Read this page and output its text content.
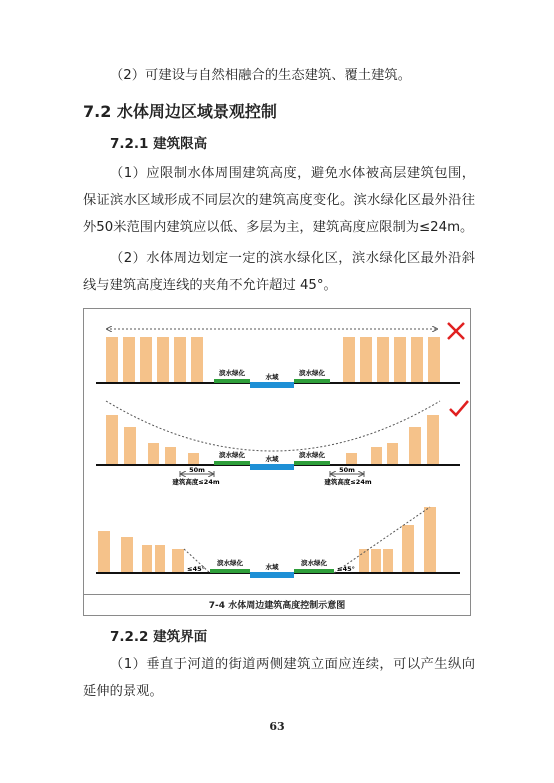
（2）可建设与自然相融合的生态建筑、覆土建筑。
7.2 水体周边区域景观控制
7.2.1 建筑限高
（1）应限制水体周围建筑高度，避免水体被高层建筑包围，保证滨水区域形成不同层次的建筑高度变化。滨水绿化区最外沿往外50米范围内建筑应以低、多层为主，建筑高度应限制为≤24m。
（2）水体周边划定一定的滨水绿化区，滨水绿化区最外沿斜线与建筑高度连线的夹角不允许超过 45°。
滨水绿化	水域	滨水绿化
滨水绿化	水域	滨水绿化
50m
建筑高度≤24m
50m
建筑高度≤24m
滨水绿化	水域	滨水绿化
≤45°	≤45°
7-4 水体周边建筑高度控制示意图
7.2.2 建筑界面
（1）垂直于河道的街道两侧建筑立面应连续，可以产生纵向延伸的景观。
63
